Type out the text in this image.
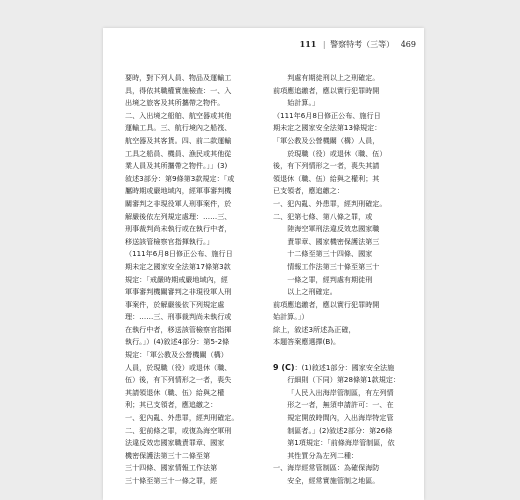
111 | 警察特考（三等） 469
要時，對下列人員、物品及運輸工
具，得依其職權實施檢查：一、入
出境之旅客及其所攜帶之物件。
二、入出境之船舶、航空器或其他
運輸工具。三、航行境內之船筏、
航空器及其客貨。四、前二款運輸
工具之船員、機員、漁民或其他從
業人員及其所攜帶之物件。」」(3)
敘述3部分：第9條第3款規定：「或
屬時期或嚴地域內，經軍事審判機
關審判之非現役軍人刑事案件，於
解嚴後依左列規定處理：……三、
刑事裁判尚未執行或在執行中者，
移送該管檢察官指揮執行。」
（111年6月8日修正公布、施行日
期未定之國家安全法第17條第3款
規定：「戒嚴時期戒嚴地域內，經
軍事審判機關審判之非現役軍人刑
事案件，於解嚴後依下列規定處
理：……三、刑事裁判尚未執行或
在執行中者，移送該管檢察官指揮
執行。」）(4)敘述4部分：第5-2條
規定：「軍公教及公營機關（構）
人員，於現職（役）或退休（職、
伍）後，有下列情形之一者，喪失
其請領退休（職、伍）給與之權
利；其已支領者，應追繳之：
一、犯內亂、外患罪，經判刑確定。
二、犯前條之罪，或復為海空軍刑
法違反效忠國家職責罪章、國家
機密保護法第三十二條至第
三十四條、國家情報工作法第
三十條至第三十一條之罪，經
判處有期徒刑以上之刑確定。
前項應追繳者，應以實行犯罪時開
始計算。」
（111年6月8日修正公布、施行日
期未定之國家安全法第13條規定：
「軍公教及公營機關（構）人員，
於現職（役）或退休（職、伍）
後，有下列情形之一者，喪失其請
領退休（職、伍）給與之權利；其
已支領者，應追繳之：
一、犯內亂、外患罪，經判刑確定。
二、犯第七條、第八條之罪，或
陸海空軍刑法違反效忠國家職
責罪章、國家機密保護法第三
十二條至第三十四條、國家
情報工作法第三十條至第三十
一條之罪，經判處有期徒刑
以上之刑確定。
前項應追繳者，應以實行犯罪時開
始計算。」）
綜上，敘述3所述為正確，
本題答案應選擇(B)。
9 (C)：(1)敘述1部分：國家安全法施
行細則（下同）第28條第1款規定：
「人民入出海岸管制區，有左列情
形之一者，無須申請許可：一、在
規定開放時間內，入出海岸特定管
制區者。」(2)敘述2部分：第26條
第1項規定：「前條海岸管制區，依
其性質分為左列二種：
一、海岸經常管制區：為確保海防
安全，經常實施管制之地區。
